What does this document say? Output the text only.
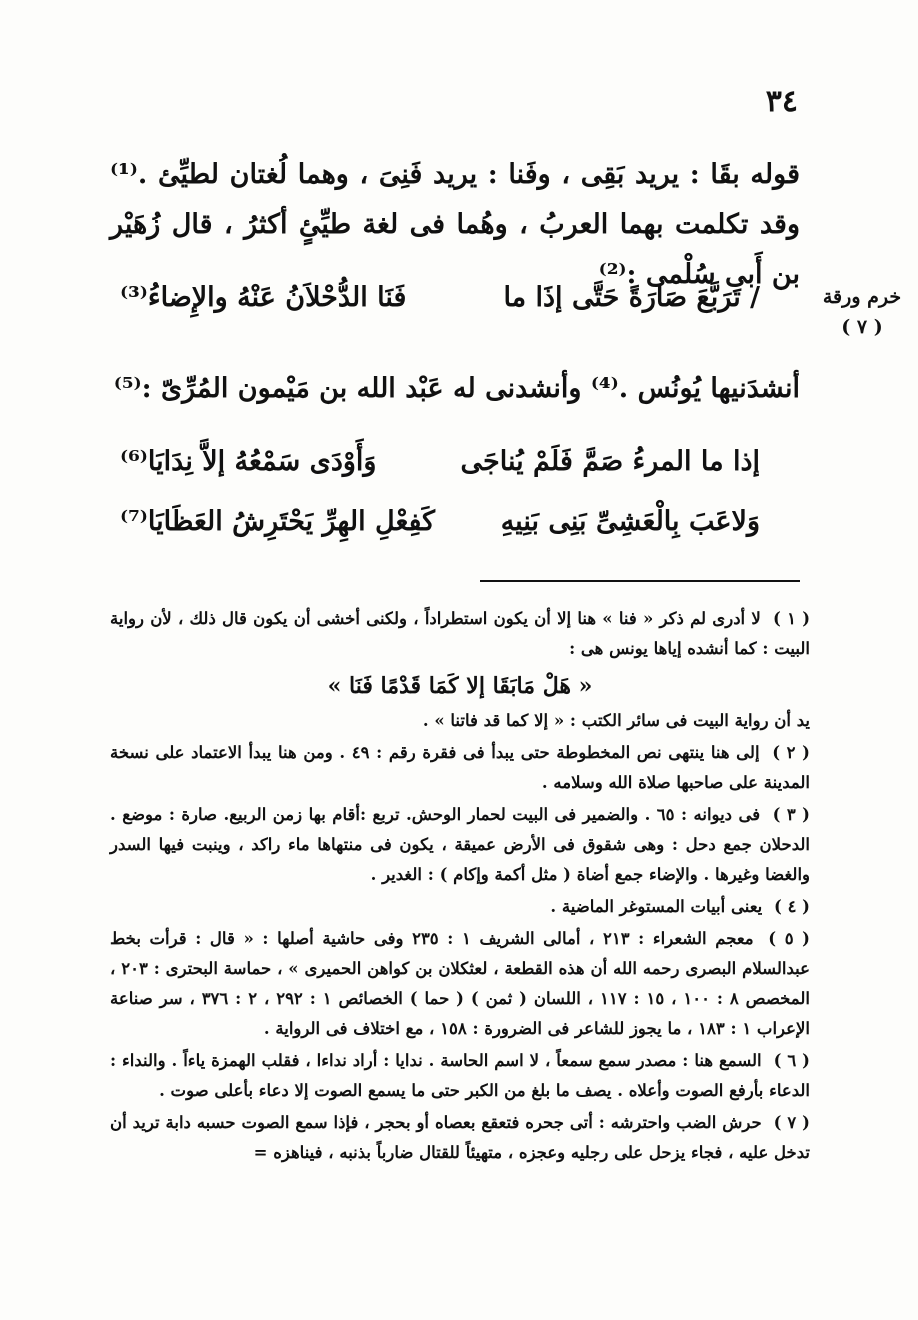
٣٤

قوله بقَا : يريد بَقِى ، وفَنا : يريد فَنِىَ ، وهما لُغتان لطيِّئ .⁽¹⁾ وقد تكلمت بهما العربُ ، وهُما فى لغة طيِّئٍ أكثرُ ، قال زُهَيْر بن أَبى سُلْمى :⁽²⁾

/ تَرَبَّعَ صَارَةً حَتَّى إذَا ما
فَنَا الدُّحْلاَنُ عَنْهُ والإِضاءُ⁽³⁾	خرم ورقة
( ٧ )

أنشدَنيها يُونُس .⁽⁴⁾ وأنشدنى له عَبْد الله بن مَيْمون المُرِّىّ :⁽⁵⁾

إذا ما المرءُ صَمَّ فَلَمْ يُناجَى
وَأَوْدَى سَمْعُهُ إلاَّ نِدَايَا⁽⁶⁾
وَلاعَبَ بِالْعَشِىِّ بَنِى بَنِيهِ
كَفِعْلِ الهِرِّ يَحْتَرِشُ العَظَايَا⁽⁷⁾

( ١ ) لا أدرى لم ذكر « فنا » هنا إلا أن يكون استطراداً ، ولكنى أخشى أن يكون قال ذلك ، لأن رواية البيت : كما أنشده إياها يونس هى :

« هَلْ مَابَقَا إلا كَمَا قَدْمًا فَنَا »

يد أن رواية البيت فى سائر الكتب : « إلا كما قد فاتنا » .

( ٢ ) إلى هنا ينتهى نص المخطوطة حتى يبدأ فى فقرة رقم : ٤٩ . ومن هنا يبدأ الاعتماد على نسخة المدينة على صاحبها صلاة الله وسلامه .

( ٣ ) فى ديوانه : ٦٥ . والضمير فى البيت لحمار الوحش. تربع :أقام بها زمن الربيع. صارة : موضع . الدحلان جمع دحل : وهى شقوق فى الأرض عميقة ، يكون فى منتهاها ماء راكد ، وينبت فيها السدر والغضا وغيرها . والإضاء جمع أضاة ( مثل أكمة وإكام ) : الغدير .

( ٤ ) يعنى أبيات المستوغر الماضية .

( ٥ ) معجم الشعراء : ٢١٣ ، أمالى الشريف ١ : ٢٣٥ وفى حاشية أصلها : « قال : قرأت بخط عبدالسلام البصرى رحمه الله أن هذه القطعة ، لعثكلان بن كواهن الحميرى » ، حماسة البحترى : ٢٠٣ ، المخصص ٨ : ١٠٠ ، ١٥ : ١١٧ ، اللسان ( ثمن ) ( حما ) الخصائص ١ : ٢٩٢ ، ٢ : ٣٧٦ ، سر صناعة الإعراب ١ : ١٨٣ ، ما يجوز للشاعر فى الضرورة : ١٥٨ ، مع اختلاف فى الرواية .

( ٦ ) السمع هنا : مصدر سمع سمعاً ، لا اسم الحاسة . ندايا : أراد نداءا ، فقلب الهمزة ياءاً . والنداء : الدعاء بأرفع الصوت وأعلاه . يصف ما بلغ من الكبر حتى ما يسمع الصوت إلا دعاء بأعلى صوت .

( ٧ ) حرش الضب واحترشه : أتى جحره فتعقع بعصاه أو بحجر ، فإذا سمع الصوت حسبه دابة تريد أن تدخل عليه ، فجاء يزحل على رجليه وعجزه ، متهيئاً للقتال ضارباً بذنبه ، فيناهزه =
